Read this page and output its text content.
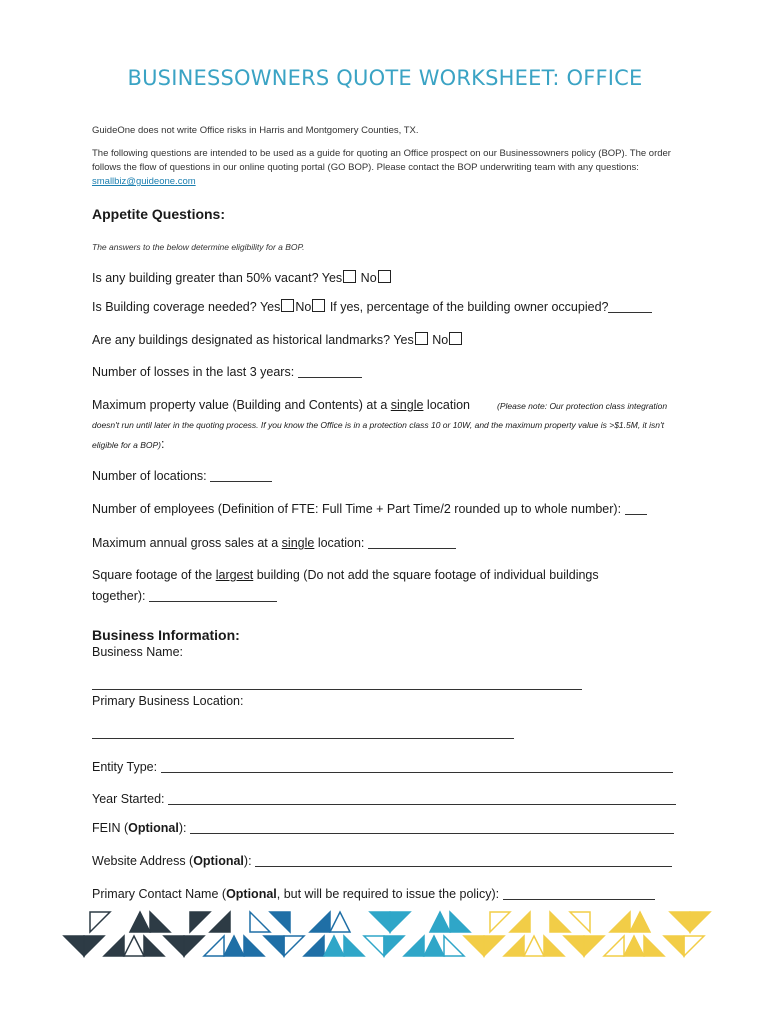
BUSINESSOWNERS QUOTE WORKSHEET: OFFICE
GuideOne does not write Office risks in Harris and Montgomery Counties, TX.
The following questions are intended to be used as a guide for quoting an Office prospect on our Businessowners policy (BOP). The order follows the flow of questions in our online quoting portal (GO BOP). Please contact the BOP underwriting team with any questions: smallbiz@guideone.com
Appetite Questions:
The answers to the below determine eligibility for a BOP.
Is any building greater than 50% vacant? Yes No
Is Building coverage needed? Yes No If yes, percentage of the building owner occupied?
Are any buildings designated as historical landmarks? Yes No
Number of losses in the last 3 years:
Maximum property value (Building and Contents) at a single location	(Please note: Our protection class integration doesn't run until later in the quoting process. If you know the Office is in a protection class 10 or 10W, and the maximum property value is >$1.5M, it isn't eligible for a BOP):
Number of locations:
Number of employees (Definition of FTE: Full Time + Part Time/2 rounded up to whole number):
Maximum annual gross sales at a single location:
Square footage of the largest building (Do not add the square footage of individual buildings
together):
Business Information:
Business Name:
Primary Business Location:
Entity Type:
Year Started:
FEIN (Optional):
Website Address (Optional):
Primary Contact Name (Optional, but will be required to issue the policy):
